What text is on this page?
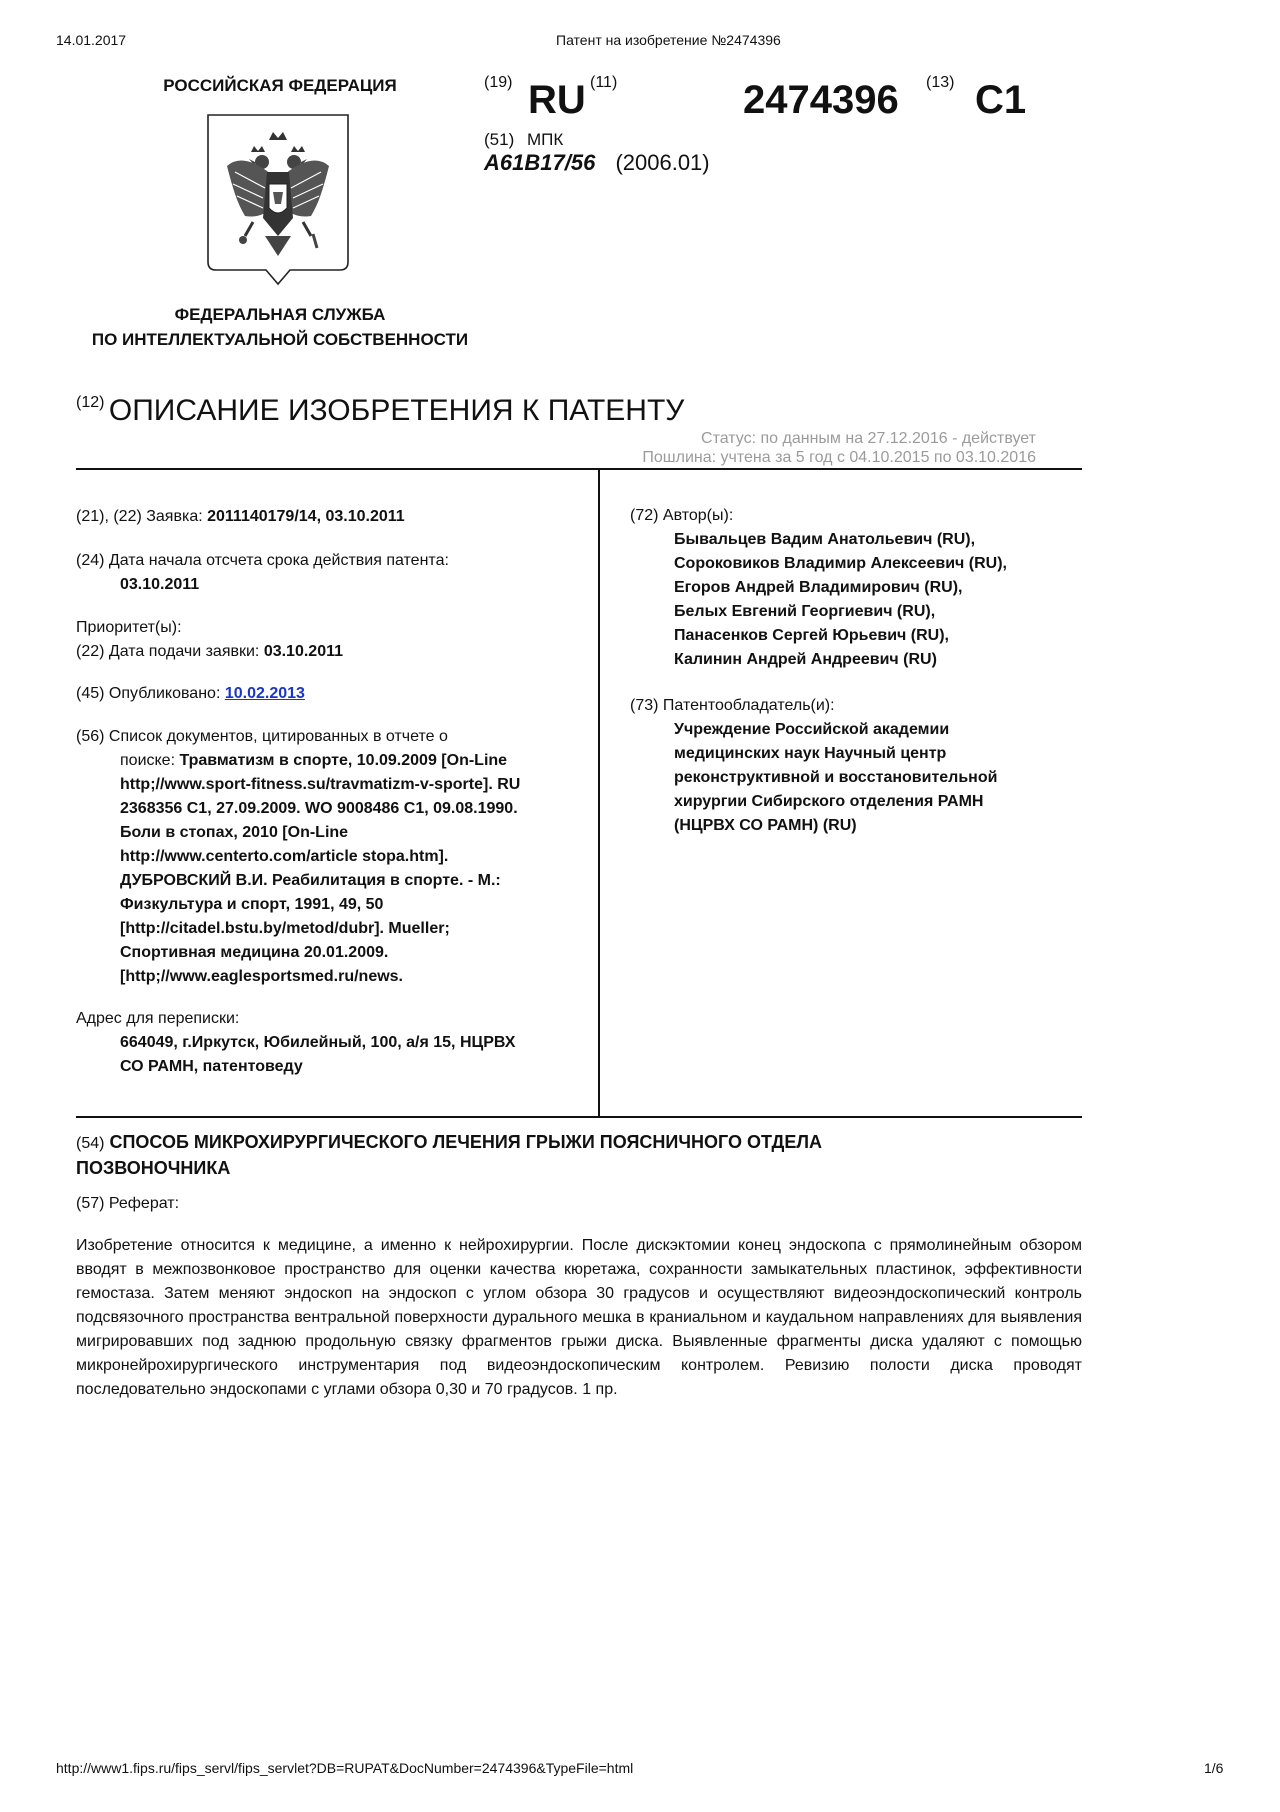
14.01.2017	Патент на изобретение №2474396
РОССИЙСКАЯ ФЕДЕРАЦИЯ
ФЕДЕРАЛЬНАЯ СЛУЖБА
ПО ИНТЕЛЛЕКТУАЛЬНОЙ СОБСТВЕННОСТИ
(19) RU (11)	2474396 (13) C1
(51) МПК
A61B17/56 (2006.01)
(12) ОПИСАНИЕ ИЗОБРЕТЕНИЯ К ПАТЕНТУ
Статус: по данным на 27.12.2016 - действует
Пошлина: учтена за 5 год с 04.10.2015 по 03.10.2016
(21), (22) Заявка: 2011140179/14, 03.10.2011
(24) Дата начала отсчета срока действия патента:
03.10.2011
Приоритет(ы):
(22) Дата подачи заявки: 03.10.2011
(45) Опубликовано: 10.02.2013
(56) Список документов, цитированных в отчете о
поиске: Травматизм в спорте, 10.09.2009 [On-Line
http;//www.sport-fitness.su/travmatizm-v-sporte]. RU
2368356 C1, 27.09.2009. WO 9008486 C1, 09.08.1990.
Боли в стопах, 2010 [On-Line
http://www.centerto.com/article stopa.htm].
ДУБРОВСКИЙ В.И. Реабилитация в спорте. - М.:
Физкультура и спорт, 1991, 49, 50
[http://citadel.bstu.by/metod/dubr]. Mueller;
Спортивная медицина 20.01.2009.
[http;//www.eaglesportsmed.ru/news.
Адрес для переписки:
664049, г.Иркутск, Юбилейный, 100, а/я 15, НЦРВХ
СО РАМН, патентоведу
(72) Автор(ы):
Бывальцев Вадим Анатольевич (RU),
Сороковиков Владимир Алексеевич (RU),
Егоров Андрей Владимирович (RU),
Белых Евгений Георгиевич (RU),
Панасенков Сергей Юрьевич (RU),
Калинин Андрей Андреевич (RU)
(73) Патентообладатель(и):
Учреждение Российской академии
медицинских наук Научный центр
реконструктивной и восстановительной
хирургии Сибирского отделения РАМН
(НЦРВХ СО РАМН) (RU)
(54) СПОСОБ МИКРОХИРУРГИЧЕСКОГО ЛЕЧЕНИЯ ГРЫЖИ ПОЯСНИЧНОГО ОТДЕЛА
ПОЗВОНОЧНИКА
(57) Реферат:
Изобретение относится к медицине, а именно к нейрохирургии. После дискэктомии конец эндоскопа с прямолинейным обзором вводят в межпозвонковое пространство для оценки качества кюретажа, сохранности замыкательных пластинок, эффективности гемостаза. Затем меняют эндоскоп на эндоскоп с углом обзора 30 градусов и осуществляют видеоэндоскопический контроль подсвязочного пространства вентральной поверхности дурального мешка в краниальном и каудальном направлениях для выявления мигрировавших под заднюю продольную связку фрагментов грыжи диска. Выявленные фрагменты диска удаляют с помощью микронейрохирургического инструментария под видеоэндоскопическим контролем. Ревизию полости диска проводят последовательно эндоскопами с углами обзора 0,30 и 70 градусов. 1 пр.
http://www1.fips.ru/fips_servl/fips_servlet?DB=RUPAT&DocNumber=2474396&TypeFile=html	1/6
